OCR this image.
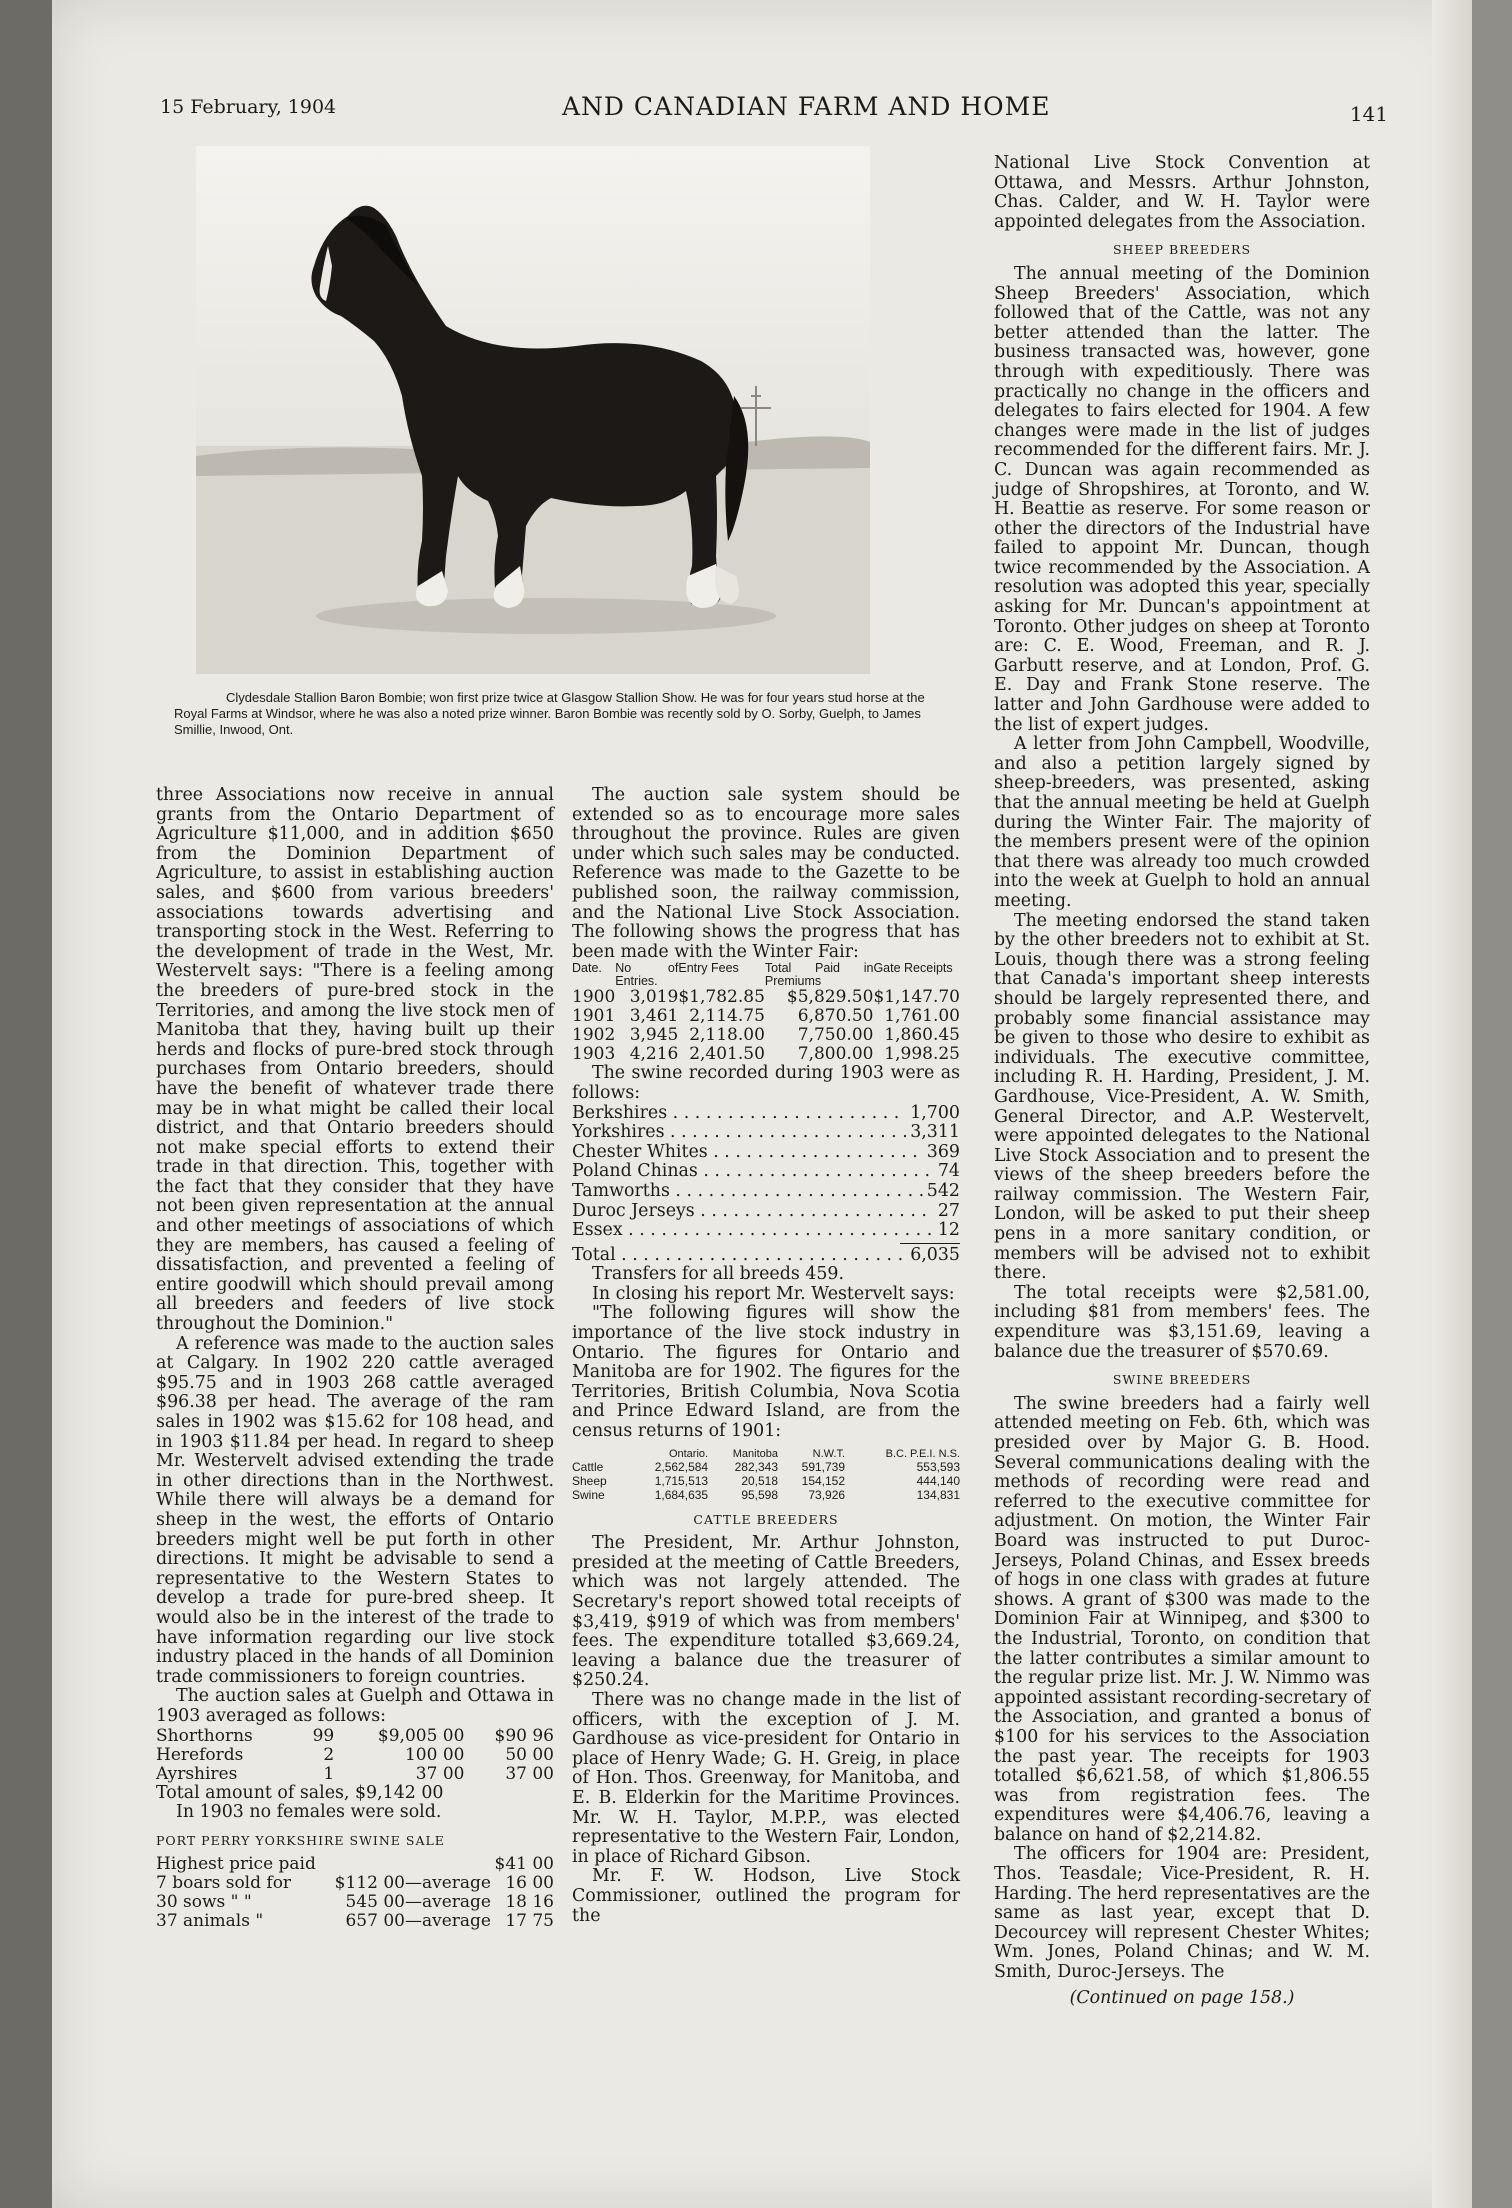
15 February, 1904	AND CANADIAN FARM AND HOME	141
Clydesdale Stallion Baron Bombie; won first prize twice at Glasgow Stallion Show. He was for four years stud horse at the Royal Farms at Windsor, where he was also a noted prize winner. Baron Bombie was recently sold by O. Sorby, Guelph, to James Smillie, Inwood, Ont.

three Associations now receive in annual grants from the Ontario Department of Agriculture $11,000, and in addition $650 from the Dominion Department of Agriculture, to assist in establishing auction sales, and $600 from various breeders' associations towards advertising and transporting stock in the West. Referring to the development of trade in the West, Mr. Westervelt says: "There is a feeling among the breeders of pure-bred stock in the Territories, and among the live stock men of Manitoba that they, having built up their herds and flocks of pure-bred stock through purchases from Ontario breeders, should have the benefit of whatever trade there may be in what might be called their local district, and that Ontario breeders should not make special efforts to extend their trade in that direction. This, together with the fact that they consider that they have not been given representation at the annual and other meetings of associations of which they are members, has caused a feeling of dissatisfaction, and prevented a feeling of entire goodwill which should prevail among all breeders and feeders of live stock throughout the Dominion."

A reference was made to the auction sales at Calgary. In 1902 220 cattle averaged $95.75 and in 1903 268 cattle averaged $96.38 per head. The average of the ram sales in 1902 was $15.62 for 108 head, and in 1903 $11.84 per head. In regard to sheep Mr. Westervelt advised extending the trade in other directions than in the Northwest. While there will always be a demand for sheep in the west, the efforts of Ontario breeders might well be put forth in other directions. It might be advisable to send a representative to the Western States to develop a trade for pure-bred sheep. It would also be in the interest of the trade to have information regarding our live stock industry placed in the hands of all Dominion trade commissioners to foreign countries.

The auction sales at Guelph and Ottawa in 1903 averaged as follows:

Shorthorns	99	$9,005 00	$90 96
Herefords	2	100 00	50 00
Ayrshires	1	37 00	37 00

Total amount of sales, $9,142 00

In 1903 no females were sold.

PORT PERRY YORKSHIRE SWINE SALE
Highest price paid		$41 00
7 boars sold for	$112 00—average	16 00
30 sows " "	545 00—average	18 16
37 animals "	657 00—average	17 75

The auction sale system should be extended so as to encourage more sales throughout the province. Rules are given under which such sales may be conducted. Reference was made to the Gazette to be published soon, the railway commission, and the National Live Stock Association. The following shows the progress that has been made with the Winter Fair:

Date.	No of Entries.	Entry Fees	Total Paid in Premiums	Gate Receipts
1900	3,019	$1,782.85	$5,829.50	$1,147.70
1901	3,461	2,114.75	6,870.50	1,761.00
1902	3,945	2,118.00	7,750.00	1,860.45
1903	4,216	2,401.50	7,800.00	1,998.25

The swine recorded during 1903 were as follows:

Berkshires . . .	1,700
Yorkshires . . .	3,311
Chester Whites . . .	369
Poland Chinas . . .	74
Tamworths . . .	542
Duroc Jerseys . . .	27
Essex . . .	12
Total . . .	6,035

Transfers for all breeds 459.

In closing his report Mr. Westervelt says:

"The following figures will show the importance of the live stock industry in Ontario. The figures for Ontario and Manitoba are for 1902. The figures for the Territories, British Columbia, Nova Scotia and Prince Edward Island, are from the census returns of 1901:

	Ontario.	Manitoba	N.W.T.	B.C. P.E.I. N.S.
Cattle	2,562,584	282,343	591,739	553,593
Sheep	1,715,513	20,518	154,152	444,140
Swine	1,684,635	95,598	73,926	134,831
CATTLE BREEDERS

The President, Mr. Arthur Johnston, presided at the meeting of Cattle Breeders, which was not largely attended. The Secretary's report showed total receipts of $3,419, $919 of which was from members' fees. The expenditure totalled $3,669.24, leaving a balance due the treasurer of $250.24.

There was no change made in the list of officers, with the exception of J. M. Gardhouse as vice-president for Ontario in place of Henry Wade; G. H. Greig, in place of Hon. Thos. Greenway, for Manitoba, and E. B. Elderkin for the Maritime Provinces. Mr. W. H. Taylor, M.P.P., was elected representative to the Western Fair, London, in place of Richard Gibson.

Mr. F. W. Hodson, Live Stock Commissioner, outlined the program for the

National Live Stock Convention at Ottawa, and Messrs. Arthur Johnston, Chas. Calder, and W. H. Taylor were appointed delegates from the Association.

SHEEP BREEDERS

The annual meeting of the Dominion Sheep Breeders' Association, which followed that of the Cattle, was not any better attended than the latter. The business transacted was, however, gone through with expeditiously. There was practically no change in the officers and delegates to fairs elected for 1904. A few changes were made in the list of judges recommended for the different fairs. Mr. J. C. Duncan was again recommended as judge of Shropshires, at Toronto, and W. H. Beattie as reserve. For some reason or other the directors of the Industrial have failed to appoint Mr. Duncan, though twice recommended by the Association. A resolution was adopted this year, specially asking for Mr. Duncan's appointment at Toronto. Other judges on sheep at Toronto are: C. E. Wood, Freeman, and R. J. Garbutt reserve, and at London, Prof. G. E. Day and Frank Stone reserve. The latter and John Gardhouse were added to the list of expert judges.

A letter from John Campbell, Woodville, and also a petition largely signed by sheep-breeders, was presented, asking that the annual meeting be held at Guelph during the Winter Fair. The majority of the members present were of the opinion that there was already too much crowded into the week at Guelph to hold an annual meeting.

The meeting endorsed the stand taken by the other breeders not to exhibit at St. Louis, though there was a strong feeling that Canada's important sheep interests should be largely represented there, and probably some financial assistance may be given to those who desire to exhibit as individuals. The executive committee, including R. H. Harding, President, J. M. Gardhouse, Vice-President, A. W. Smith, General Director, and A.P. Westervelt, were appointed delegates to the National Live Stock Association and to present the views of the sheep breeders before the railway commission. The Western Fair, London, will be asked to put their sheep pens in a more sanitary condition, or members will be advised not to exhibit there.

The total receipts were $2,581.00, including $81 from members' fees. The expenditure was $3,151.69, leaving a balance due the treasurer of $570.69.

SWINE BREEDERS

The swine breeders had a fairly well attended meeting on Feb. 6th, which was presided over by Major G. B. Hood. Several communications dealing with the methods of recording were read and referred to the executive committee for adjustment. On motion, the Winter Fair Board was instructed to put Duroc-Jerseys, Poland Chinas, and Essex breeds of hogs in one class with grades at future shows. A grant of $300 was made to the Dominion Fair at Winnipeg, and $300 to the Industrial, Toronto, on condition that the latter contributes a similar amount to the regular prize list. Mr. J. W. Nimmo was appointed assistant recording-secretary of the Association, and granted a bonus of $100 for his services to the Association the past year. The receipts for 1903 totalled $6,621.58, of which $1,806.55 was from registration fees. The expenditures were $4,406.76, leaving a balance on hand of $2,214.82.

The officers for 1904 are: President, Thos. Teasdale; Vice-President, R. H. Harding. The herd representatives are the same as last year, except that D. Decourcey will represent Chester Whites; Wm. Jones, Poland Chinas; and W. M. Smith, Duroc-Jerseys. The

(Continued on page 158.)
